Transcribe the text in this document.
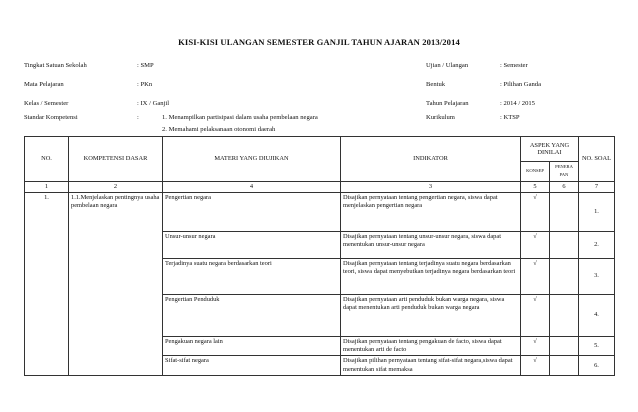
KISI-KISI ULANGAN SEMESTER GANJIL TAHUN AJARAN 2013/2014
Tingkat Satuan Sekolah	: SMP
Mata Pelajaran	: PKn
Kelas / Semester	: IX / Ganjil
Standar Kompetensi	:	1. Menampilkan partisipasi dalam usaha pembelaan negara
2. Memahami pelaksanaan otonomi daerah
Ujian / Ulangan	: Semester
Bentuk	: Pilihan Ganda
Tahun Pelajaran	: 2014 / 2015
Kurikulum	: KTSP
NO.	KOMPETENSI DASAR	MATERI YANG DIUJIKAN	INDIKATOR	ASPEK YANG DINILAI		NO. SOAL
				KONSEP	PENERA PAN	
1	2	4	3	5	6	7
1.	1.1.Menjelaskan pentingnya usaha pembelaan negara	Pengertian negara	Disajikan pernyataan tentang pengertian negara, siswa dapat menjelaskan pengertian negara	√		1.
		Unsur-unsur negara	Disajikan pernyataan tentang unsur-unsur negara, siswa dapat menentukan unsur-unsur negara	√		2.
		Terjadinya suatu negara berdasarkan teori	Disajikan pernyataan tentang terjadinya suatu negara berdasarkan teori, siswa dapat menyebutkan terjadinya negara berdasarkan teori	√		3.
		Pengertian Penduduk	Disajikan pernyataan arti penduduk bukan warga negara, siswa dapat menentukan arti penduduk bukan warga negara	√		4.
		Pengakuan negara lain	Disajikan pernyataan tentang pengakuan de facto, siswa dapat menentukan arti de facto	√		5.
		Sifat-sifat negara	Disajikan pilihan pernyataan tentang sifat-sifat negara,siswa dapat menentukan sifat memaksa	√		6.
